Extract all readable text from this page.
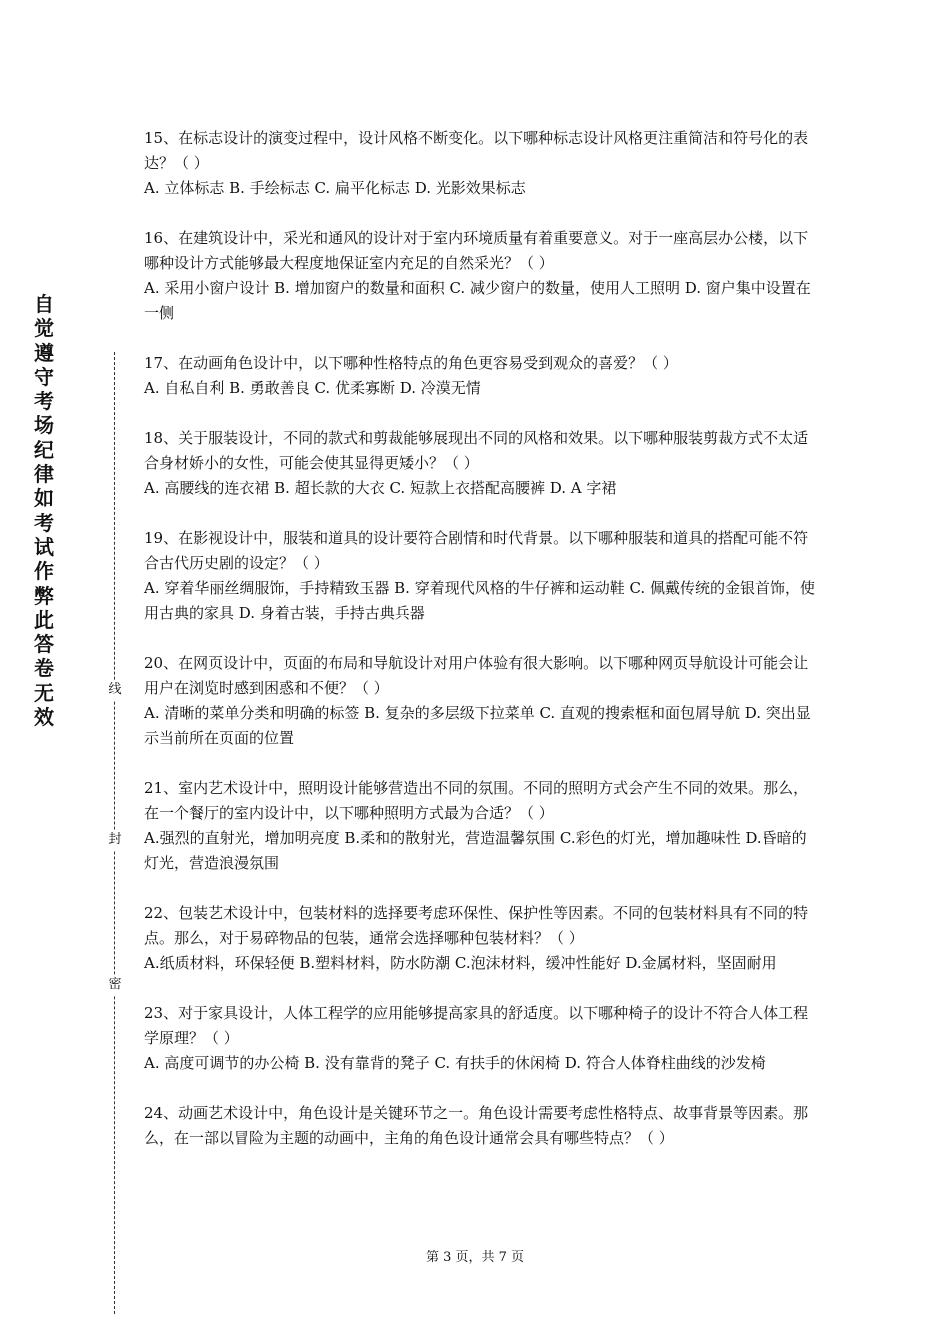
自觉遵守考场纪律如考试作弊此答卷无效
线
封
密

15、在标志设计的演变过程中，设计风格不断变化。以下哪种标志设计风格更注重简洁和符号化的表达？（ ）

A. 立体标志 B. 手绘标志 C. 扁平化标志 D. 光影效果标志

16、在建筑设计中，采光和通风的设计对于室内环境质量有着重要意义。对于一座高层办公楼，以下哪种设计方式能够最大程度地保证室内充足的自然采光？（ ）

A. 采用小窗户设计 B. 增加窗户的数量和面积 C. 减少窗户的数量，使用人工照明 D. 窗户集中设置在一侧

17、在动画角色设计中，以下哪种性格特点的角色更容易受到观众的喜爱？（ ）

A. 自私自利 B. 勇敢善良 C. 优柔寡断 D. 冷漠无情

18、关于服装设计，不同的款式和剪裁能够展现出不同的风格和效果。以下哪种服装剪裁方式不太适合身材娇小的女性，可能会使其显得更矮小？（ ）

A. 高腰线的连衣裙 B. 超长款的大衣 C. 短款上衣搭配高腰裤 D. A 字裙

19、在影视设计中，服装和道具的设计要符合剧情和时代背景。以下哪种服装和道具的搭配可能不符合古代历史剧的设定？（ ）

A. 穿着华丽丝绸服饰，手持精致玉器 B. 穿着现代风格的牛仔裤和运动鞋 C. 佩戴传统的金银首饰，使用古典的家具 D. 身着古装，手持古典兵器

20、在网页设计中，页面的布局和导航设计对用户体验有很大影响。以下哪种网页导航设计可能会让用户在浏览时感到困惑和不便？（ ）

A. 清晰的菜单分类和明确的标签 B. 复杂的多层级下拉菜单 C. 直观的搜索框和面包屑导航 D. 突出显示当前所在页面的位置

21、室内艺术设计中，照明设计能够营造出不同的氛围。不同的照明方式会产生不同的效果。那么，在一个餐厅的室内设计中，以下哪种照明方式最为合适？（ ）

A.强烈的直射光，增加明亮度 B.柔和的散射光，营造温馨氛围 C.彩色的灯光，增加趣味性 D.昏暗的灯光，营造浪漫氛围

22、包装艺术设计中，包装材料的选择要考虑环保性、保护性等因素。不同的包装材料具有不同的特点。那么，对于易碎物品的包装，通常会选择哪种包装材料？（ ）

A.纸质材料，环保轻便 B.塑料材料，防水防潮 C.泡沫材料，缓冲性能好 D.金属材料，坚固耐用

23、对于家具设计，人体工程学的应用能够提高家具的舒适度。以下哪种椅子的设计不符合人体工程学原理？（ ）

A. 高度可调节的办公椅 B. 没有靠背的凳子 C. 有扶手的休闲椅 D. 符合人体脊柱曲线的沙发椅

24、动画艺术设计中，角色设计是关键环节之一。角色设计需要考虑性格特点、故事背景等因素。那么，在一部以冒险为主题的动画中，主角的角色设计通常会具有哪些特点？（ ）

第 3 页，共 7 页
